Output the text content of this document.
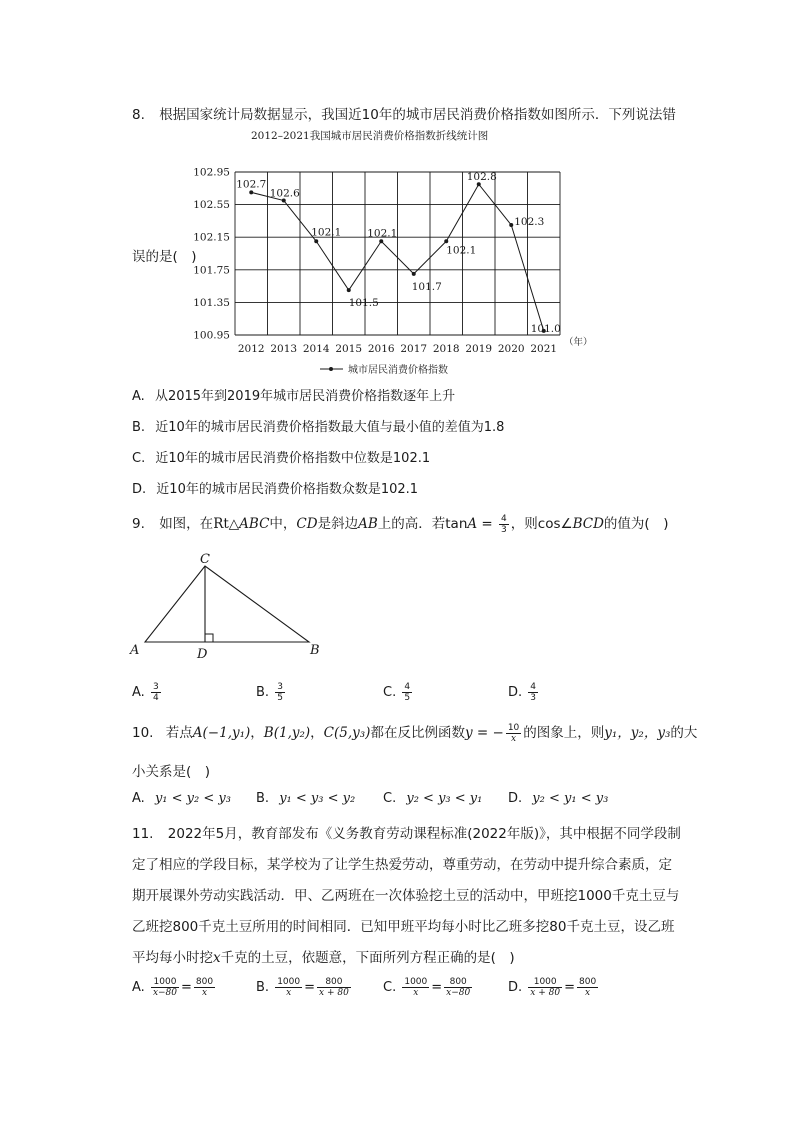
8. 根据国家统计局数据显示，我国近10年的城市居民消费价格指数如图所示．下列说法错
2012–2021我国城市居民消费价格指数折线统计图
误的是(　)
102.95
102.55
102.15
101.75
101.35
100.95
2012 2013 2014 2015 2016 2017 2018 2019 2020 2021
102.7
102.6
102.1
101.5
102.1
101.7
102.1
102.8
102.3
101.0
（年）
城市居民消费价格指数
A. 从2015年到2019年城市居民消费价格指数逐年上升
B. 近10年的城市居民消费价格指数最大值与最小值的差值为1.8
C. 近10年的城市居民消费价格指数中位数是102.1
D. 近10年的城市居民消费价格指数众数是102.1
9. 如图，在Rt△ABC中，CD是斜边AB上的高．若$\tan A = \frac{4}{3}$ ，则cos∠BCD的值为(　)
C
A	D	B
A. $\frac{3}{4}$	B. $\frac{3}{5}$	C. $\frac{4}{5}$	D. $\frac{4}{3}$
10. 若点A(−1,y₁)，B(1,y₂)，C(5,y₃)都在反比例函数y = − $\frac{10}{x}$ 的图象上，则y₁，y₂，y₃的大
小关系是(　)
A. y₁ < y₂ < y₃ B. y₁ < y₃ < y₂ C. y₂ < y₃ < y₁ D. y₂ < y₁ < y₃
11. 2022年5月，教育部发布《义务教育劳动课程标准(2022年版)》，其中根据不同学段制
定了相应的学段目标，某学校为了让学生热爱劳动，尊重劳动，在劳动中提升综合素质，定
期开展课外劳动实践活动．甲、乙两班在一次体验挖土豆的活动中，甲班挖1000千克土豆与
乙班挖800千克土豆所用的时间相同．已知甲班平均每小时比乙班多挖80千克土豆，设乙班
平均每小时挖x千克的土豆，依题意，下面所列方程正确的是(　)
A. $\frac{1000}{x-80} = \frac{800}{x}$	B. $\frac{1000}{x} = \frac{800}{x + 80} C$. $\frac{1000}{x} = \frac{800}{x-80}$	D. $\frac{1000}{x + 80} = \frac{800}{x}$
